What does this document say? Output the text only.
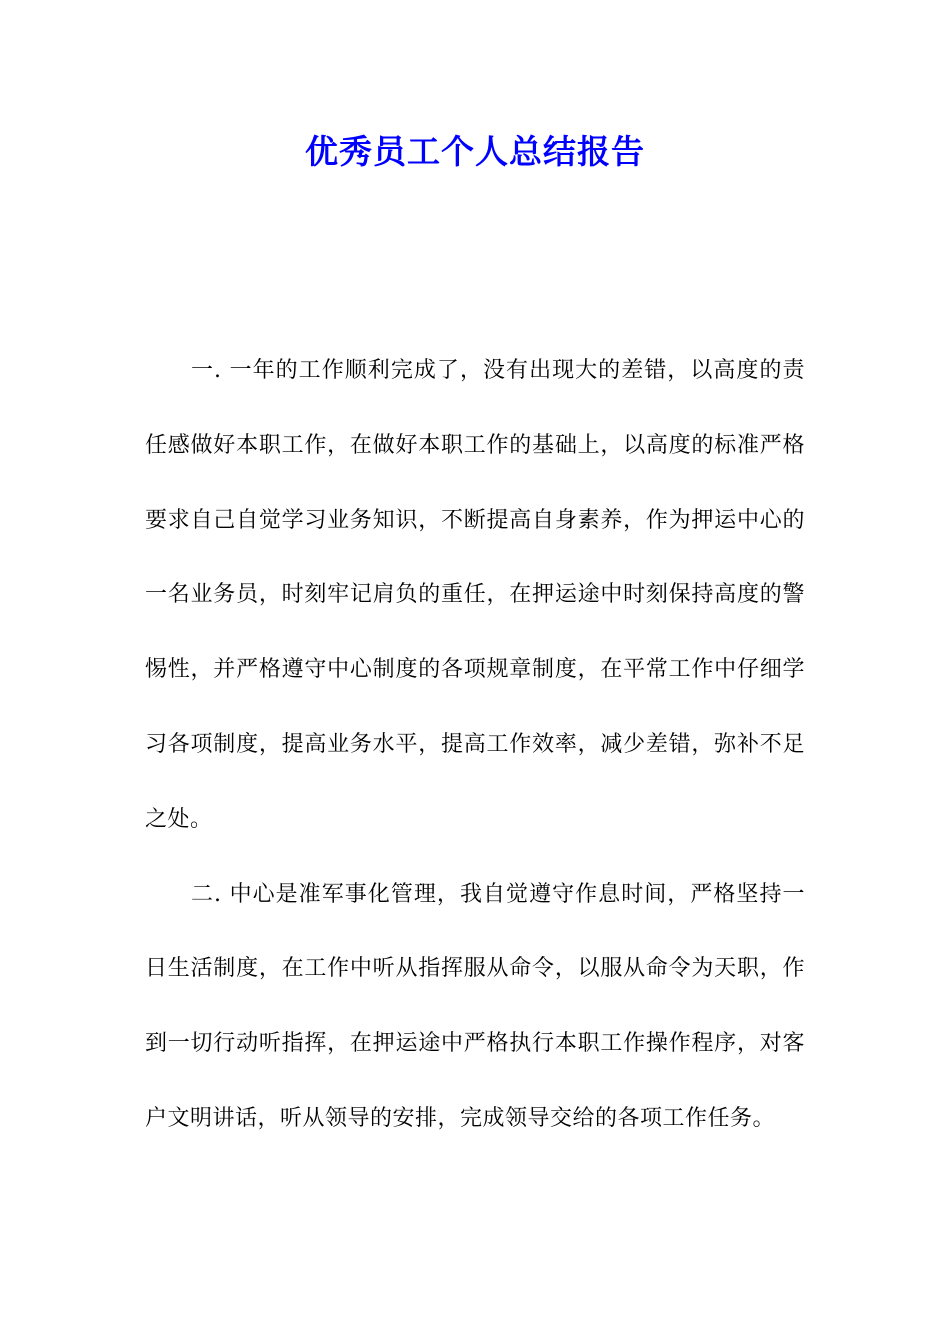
优秀员工个人总结报告

一. 一年的工作顺利完成了，没有出现大的差错，以高度的责任感做好本职工作，在做好本职工作的基础上，以高度的标准严格要求自己自觉学习业务知识，不断提高自身素养，作为押运中心的一名业务员，时刻牢记肩负的重任，在押运途中时刻保持高度的警惕性，并严格遵守中心制度的各项规章制度，在平常工作中仔细学习各项制度，提高业务水平，提高工作效率，减少差错，弥补不足之处。

二. 中心是准军事化管理，我自觉遵守作息时间，严格坚持一日生活制度，在工作中听从指挥服从命令，以服从命令为天职，作到一切行动听指挥，在押运途中严格执行本职工作操作程序，对客户文明讲话，听从领导的安排，完成领导交给的各项工作任务。
